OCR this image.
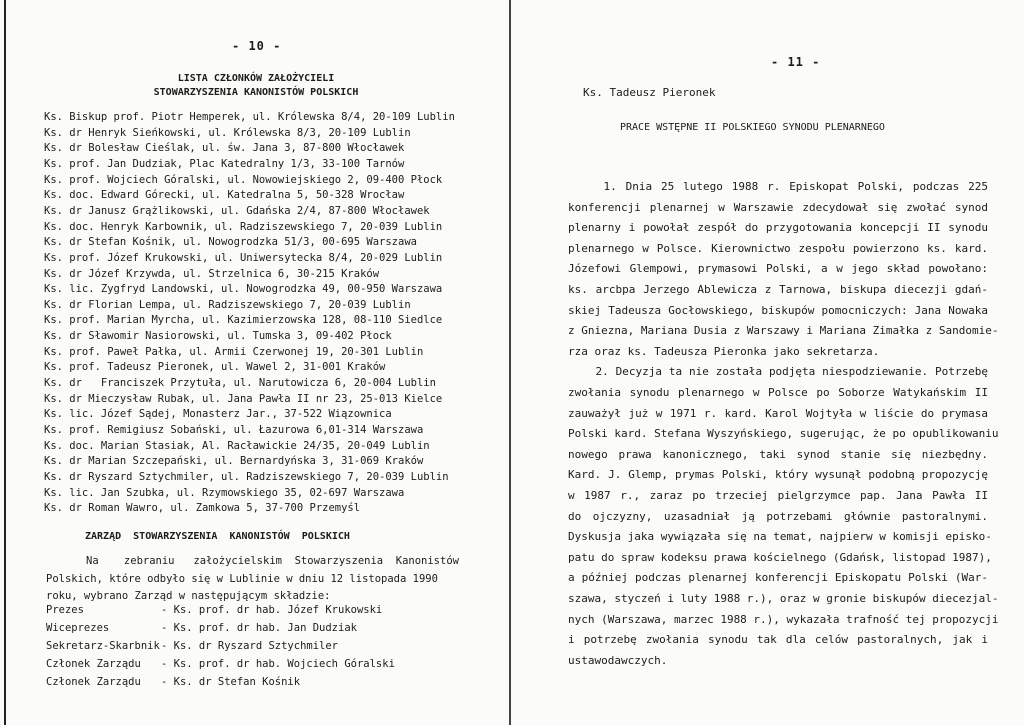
- 10 -
LISTA CZŁONKÓW ZAŁOŻYCIELI
STOWARZYSZENIA KANONISTÓW POLSKICH
Ks. Biskup prof. Piotr Hemperek, ul. Królewska 8/4, 20-109 Lublin
Ks. dr Henryk Sieńkowski, ul. Królewska 8/3, 20-109 Lublin
Ks. dr Bolesław Cieślak, ul. św. Jana 3, 87-800 Włocławek
Ks. prof. Jan Dudziak, Plac Katedralny 1/3, 33-100 Tarnów
Ks. prof. Wojciech Góralski, ul. Nowowiejskiego 2, 09-400 Płock
Ks. doc. Edward Górecki, ul. Katedralna 5, 50-328 Wrocław
Ks. dr Janusz Grążlikowski, ul. Gdańska 2/4, 87-800 Włocławek
Ks. doc. Henryk Karbownik, ul. Radziszewskiego 7, 20-039 Lublin
Ks. dr Stefan Kośnik, ul. Nowogrodzka 51/3, 00-695 Warszawa
Ks. prof. Józef Krukowski, ul. Uniwersytecka 8/4, 20-029 Lublin
Ks. dr Józef Krzywda, ul. Strzelnica 6, 30-215 Kraków
Ks. lic. Zygfryd Landowski, ul. Nowogrodzka 49, 00-950 Warszawa
Ks. dr Florian Lempa, ul. Radziszewskiego 7, 20-039 Lublin
Ks. prof. Marian Myrcha, ul. Kazimierzowska 128, 08-110 Siedlce
Ks. dr Sławomir Nasiorowski, ul. Tumska 3, 09-402 Płock
Ks. prof. Paweł Pałka, ul. Armii Czerwonej 19, 20-301 Lublin
Ks. prof. Tadeusz Pieronek, ul. Wawel 2, 31-001 Kraków
Ks. dr   Franciszek Przytuła, ul. Narutowicza 6, 20-004 Lublin
Ks. dr Mieczysław Rubak, ul. Jana Pawła II nr 23, 25-013 Kielce
Ks. lic. Józef Sądej, Monasterz Jar., 37-522 Wiązownica
Ks. prof. Remigiusz Sobański, ul. Łazurowa 6,01-314 Warszawa
Ks. doc. Marian Stasiak, Al. Racławickie 24/35, 20-049 Lublin
Ks. dr Marian Szczepański, ul. Bernardyńska 3, 31-069 Kraków
Ks. dr Ryszard Sztychmiler, ul. Radziszewskiego 7, 20-039 Lublin
Ks. lic. Jan Szubka, ul. Rzymowskiego 35, 02-697 Warszawa
Ks. dr Roman Wawro, ul. Zamkowa 5, 37-700 Przemyśl
ZARZĄD  STOWARZYSZENIA  KANONISTÓW  POLSKICH
Na    zebraniu   założycielskim  Stowarzyszenia  Kanonistów
Polskich, które odbyło się w Lublinie w dniu 12 listopada 1990
roku, wybrano Zarząd w następującym składzie:
Prezes	- Ks. prof. dr hab. Józef Krukowski
Wiceprezes	- Ks. prof. dr hab. Jan Dudziak
Sekretarz-Skarbnik - Ks. dr Ryszard Sztychmiler
Członek Zarządu - Ks. prof. dr hab. Wojciech Góralski
Członek Zarządu - Ks. dr Stefan Kośnik
- 11 -
Ks. Tadeusz Pieronek
PRACE WSTĘPNE II POLSKIEGO SYNODU PLENARNEGO
1. Dnia 25 lutego 1988 r. Episkopat Polski, podczas 225
konferencji plenarnej w Warszawie zdecydował się zwołać synod
plenarny i powołał zespół do przygotowania koncepcji II synodu
plenarnego w Polsce. Kierownictwo zespołu powierzono ks. kard.
Józefowi Glempowi, prymasowi Polski, a w jego skład powołano:
ks. arcbpa Jerzego Ablewicza z Tarnowa, biskupa diecezji gdań-
skiej Tadeusza Gocłowskiego, biskupów pomocniczych: Jana Nowaka
z Gniezna, Mariana Dusia z Warszawy i Mariana Zimałka z Sandomie-
rza oraz ks. Tadeusza Pieronka jako sekretarza.
2. Decyzja ta nie została podjęta niespodziewanie. Potrzebę
zwołania synodu plenarnego w Polsce po Soborze Watykańskim II
zauważył już w 1971 r. kard. Karol Wojtyła w liście do prymasa
Polski kard. Stefana Wyszyńskiego, sugerując, że po opublikowaniu
nowego prawa kanonicznego, taki synod stanie się niezbędny.
Kard. J. Glemp, prymas Polski, który wysunął podobną propozycję
w 1987 r., zaraz po trzeciej pielgrzymce pap. Jana Pawła II
do ojczyzny, uzasadniał ją potrzebami głównie pastoralnymi.
Dyskusja jaka wywiązała się na temat, najpierw w komisji episko-
patu do spraw kodeksu prawa kościelnego (Gdańsk, listopad 1987),
a później podczas plenarnej konferencji Episkopatu Polski (War-
szawa, styczeń i luty 1988 r.), oraz w gronie biskupów diecezjal-
nych (Warszawa, marzec 1988 r.), wykazała trafność tej propozycji
i potrzebę zwołania synodu tak dla celów pastoralnych, jak i
ustawodawczych.
